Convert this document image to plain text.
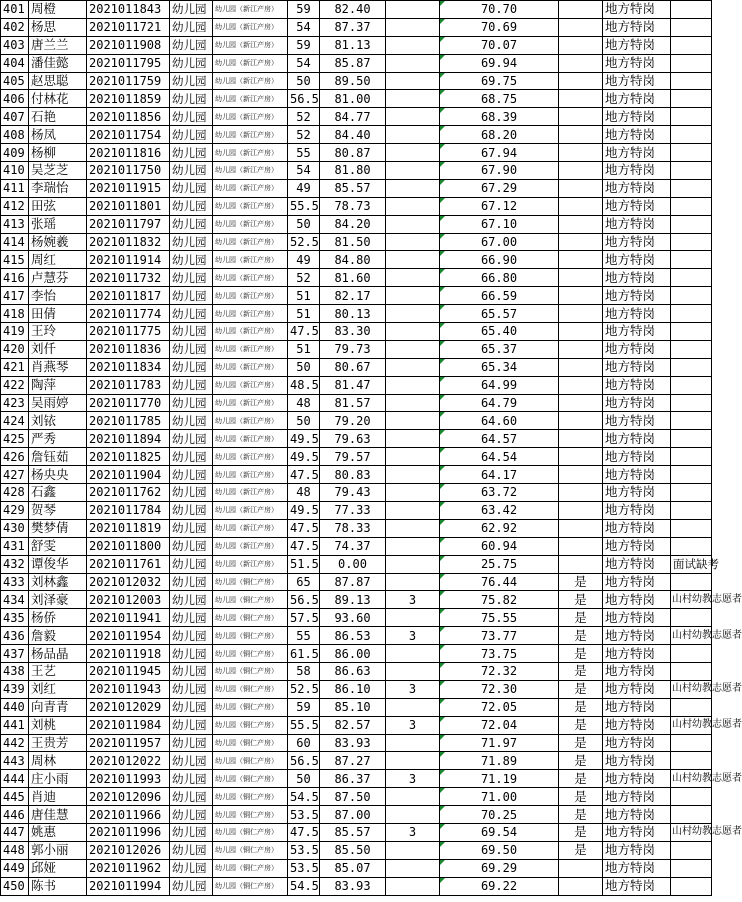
401	周橙	2021011843	幼儿园	幼儿园（新江产房）	59	82.40		70.70		地方特岗	
402	杨思	2021011721	幼儿园	幼儿园（新江产房）	54	87.37		70.69		地方特岗	
403	唐兰兰	2021011908	幼儿园	幼儿园（新江产房）	59	81.13		70.07		地方特岗	
404	潘佳懿	2021011795	幼儿园	幼儿园（新江产房）	54	85.87		69.94		地方特岗	
405	赵思聪	2021011759	幼儿园	幼儿园（新江产房）	50	89.50		69.75		地方特岗	
406	付林花	2021011859	幼儿园	幼儿园（新江产房）	56.5	81.00		68.75		地方特岗	
407	石艳	2021011856	幼儿园	幼儿园（新江产房）	52	84.77		68.39		地方特岗	
408	杨凤	2021011754	幼儿园	幼儿园（新江产房）	52	84.40		68.20		地方特岗	
409	杨柳	2021011816	幼儿园	幼儿园（新江产房）	55	80.87		67.94		地方特岗	
410	吴芝芝	2021011750	幼儿园	幼儿园（新江产房）	54	81.80		67.90		地方特岗	
411	李瑞怡	2021011915	幼儿园	幼儿园（新江产房）	49	85.57		67.29		地方特岗	
412	田弦	2021011801	幼儿园	幼儿园（新江产房）	55.5	78.73		67.12		地方特岗	
413	张瑶	2021011797	幼儿园	幼儿园（新江产房）	50	84.20		67.10		地方特岗	
414	杨婉羲	2021011832	幼儿园	幼儿园（新江产房）	52.5	81.50		67.00		地方特岗	
415	周红	2021011914	幼儿园	幼儿园（新江产房）	49	84.80		66.90		地方特岗	
416	卢慧芬	2021011732	幼儿园	幼儿园（新江产房）	52	81.60		66.80		地方特岗	
417	李怡	2021011817	幼儿园	幼儿园（新江产房）	51	82.17		66.59		地方特岗	
418	田倩	2021011774	幼儿园	幼儿园（新江产房）	51	80.13		65.57		地方特岗	
419	王玲	2021011775	幼儿园	幼儿园（新江产房）	47.5	83.30		65.40		地方特岗	
420	刘仟	2021011836	幼儿园	幼儿园（新江产房）	51	79.73		65.37		地方特岗	
421	肖燕琴	2021011834	幼儿园	幼儿园（新江产房）	50	80.67		65.34		地方特岗	
422	陶萍	2021011783	幼儿园	幼儿园（新江产房）	48.5	81.47		64.99		地方特岗	
423	吴雨婷	2021011770	幼儿园	幼儿园（新江产房）	48	81.57		64.79		地方特岗	
424	刘铱	2021011785	幼儿园	幼儿园（新江产房）	50	79.20		64.60		地方特岗	
425	严秀	2021011894	幼儿园	幼儿园（新江产房）	49.5	79.63		64.57		地方特岗	
426	詹钰茹	2021011825	幼儿园	幼儿园（新江产房）	49.5	79.57		64.54		地方特岗	
427	杨央央	2021011904	幼儿园	幼儿园（新江产房）	47.5	80.83		64.17		地方特岗	
428	石鑫	2021011762	幼儿园	幼儿园（新江产房）	48	79.43		63.72		地方特岗	
429	贺琴	2021011784	幼儿园	幼儿园（新江产房）	49.5	77.33		63.42		地方特岗	
430	樊梦倩	2021011819	幼儿园	幼儿园（新江产房）	47.5	78.33		62.92		地方特岗	
431	舒雯	2021011800	幼儿园	幼儿园（新江产房）	47.5	74.37		60.94		地方特岗	
432	谭俊华	2021011761	幼儿园	幼儿园（新江产房）	51.5	0.00		25.75		地方特岗	面试缺考
433	刘林鑫	2021012032	幼儿园	幼儿园（铜仁产房）	65	87.87		76.44	是	地方特岗	
434	刘泽豪	2021012003	幼儿园	幼儿园（铜仁产房）	56.5	89.13	3	75.82	是	地方特岗	山村幼教志愿者
435	杨侨	2021011941	幼儿园	幼儿园（铜仁产房）	57.5	93.60		75.55	是	地方特岗	
436	詹毅	2021011954	幼儿园	幼儿园（铜仁产房）	55	86.53	3	73.77	是	地方特岗	山村幼教志愿者
437	杨品晶	2021011918	幼儿园	幼儿园（铜仁产房）	61.5	86.00		73.75	是	地方特岗	
438	王艺	2021011945	幼儿园	幼儿园（铜仁产房）	58	86.63		72.32	是	地方特岗	
439	刘红	2021011943	幼儿园	幼儿园（铜仁产房）	52.5	86.10	3	72.30	是	地方特岗	山村幼教志愿者
440	向青青	2021012029	幼儿园	幼儿园（铜仁产房）	59	85.10		72.05	是	地方特岗	
441	刘桃	2021011984	幼儿园	幼儿园（铜仁产房）	55.5	82.57	3	72.04	是	地方特岗	山村幼教志愿者
442	王贵芳	2021011957	幼儿园	幼儿园（铜仁产房）	60	83.93		71.97	是	地方特岗	
443	周林	2021012022	幼儿园	幼儿园（铜仁产房）	56.5	87.27		71.89	是	地方特岗	
444	庄小雨	2021011993	幼儿园	幼儿园（铜仁产房）	50	86.37	3	71.19	是	地方特岗	山村幼教志愿者
445	肖迪	2021012096	幼儿园	幼儿园（铜仁产房）	54.5	87.50		71.00	是	地方特岗	
446	唐佳慧	2021011966	幼儿园	幼儿园（铜仁产房）	53.5	87.00		70.25	是	地方特岗	
447	姚惠	2021011996	幼儿园	幼儿园（铜仁产房）	47.5	85.57	3	69.54	是	地方特岗	山村幼教志愿者
448	郭小丽	2021012026	幼儿园	幼儿园（铜仁产房）	53.5	85.50		69.50	是	地方特岗	
449	邱娅	2021011962	幼儿园	幼儿园（铜仁产房）	53.5	85.07		69.29		地方特岗	
450	陈书	2021011994	幼儿园	幼儿园（铜仁产房）	54.5	83.93		69.22		地方特岗	
